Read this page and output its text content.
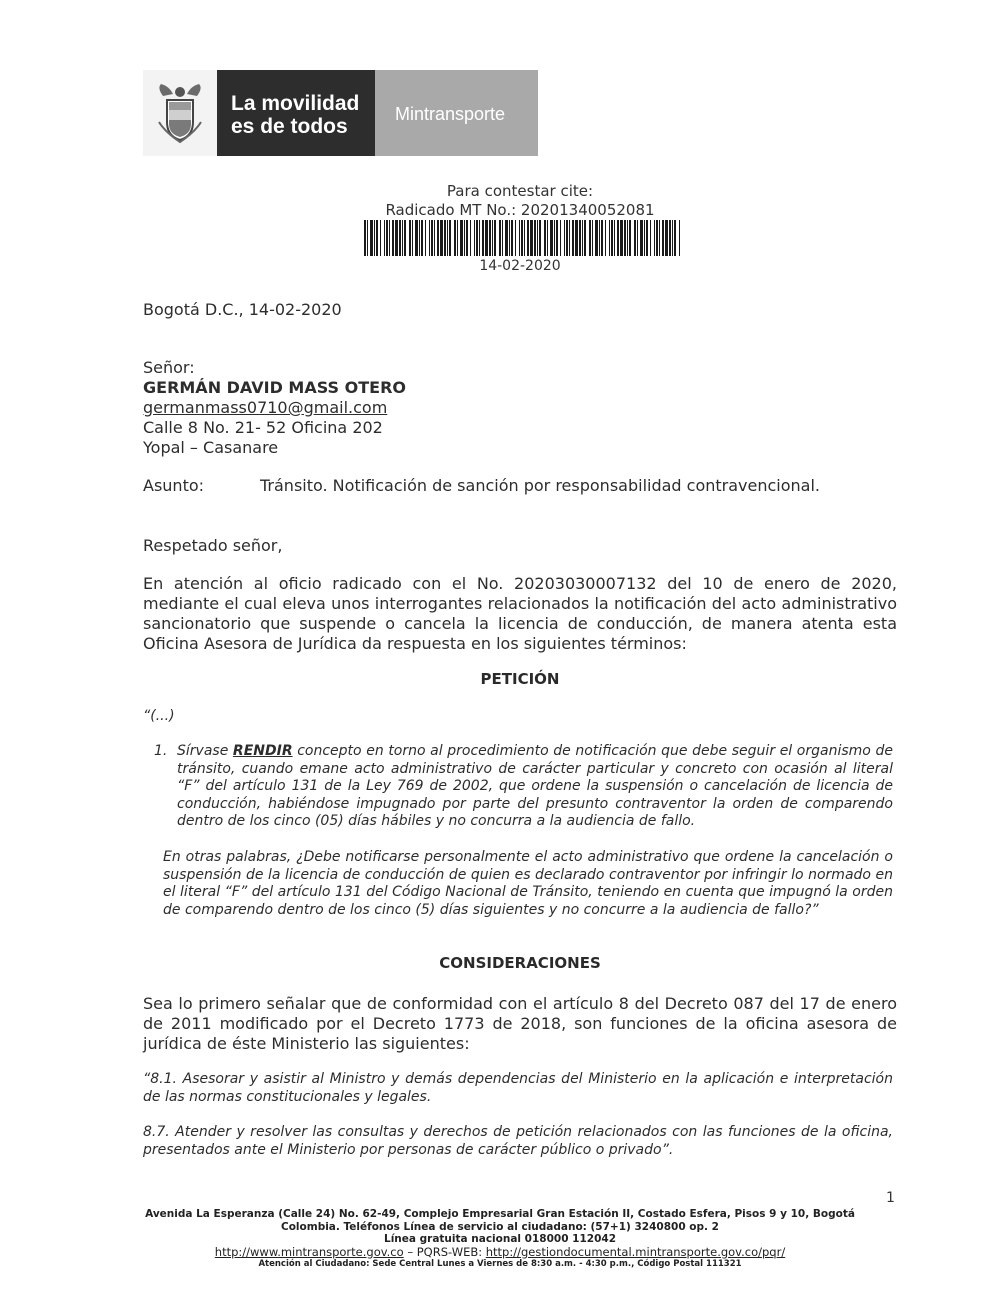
La movilidad
es de todos
Mintransporte
Para contestar cite:
Radicado MT No.: 20201340052081
14-02-2020
Bogotá D.C., 14-02-2020
Señor:
GERMÁN DAVID MASS OTERO
germanmass0710@gmail.com
Calle 8 No. 21- 52 Oficina 202
Yopal – Casanare
Asunto:	Tránsito. Notificación de sanción por responsabilidad contravencional.
Respetado señor,
En atención al oficio radicado con el No. 20203030007132 del 10 de enero de 2020, mediante el cual eleva unos interrogantes relacionados la notificación del acto administrativo sancionatorio que suspende o cancela la licencia de conducción, de manera atenta esta Oficina Asesora de Jurídica da respuesta en los siguientes términos:
PETICIÓN
“(...)
1. Sírvase RENDIR concepto en torno al procedimiento de notificación que debe seguir el organismo de tránsito, cuando emane acto administrativo de carácter particular y concreto con ocasión al literal “F” del artículo 131 de la Ley 769 de 2002, que ordene la suspensión o cancelación de licencia de conducción, habiéndose impugnado por parte del presunto contraventor la orden de comparendo dentro de los cinco (05) días hábiles y no concurra a la audiencia de fallo.
En otras palabras, ¿Debe notificarse personalmente el acto administrativo que ordene la cancelación o suspensión de la licencia de conducción de quien es declarado contraventor por infringir lo normado en el literal “F” del artículo 131 del Código Nacional de Tránsito, teniendo en cuenta que impugnó la orden de comparendo dentro de los cinco (5) días siguientes y no concurre a la audiencia de fallo?”
CONSIDERACIONES
Sea lo primero señalar que de conformidad con el artículo 8 del Decreto 087 del 17 de enero de 2011 modificado por el Decreto 1773 de 2018, son funciones de la oficina asesora de jurídica de éste Ministerio las siguientes:
“8.1. Asesorar y asistir al Ministro y demás dependencias del Ministerio en la aplicación e interpretación de las normas constitucionales y legales.
8.7. Atender y resolver las consultas y derechos de petición relacionados con las funciones de la oficina, presentados ante el Ministerio por personas de carácter público o privado”.
1
Avenida La Esperanza (Calle 24) No. 62-49, Complejo Empresarial Gran Estación II, Costado Esfera, Pisos 9 y 10, Bogotá
Colombia. Teléfonos Línea de servicio al ciudadano: (57+1) 3240800 op. 2
Línea gratuita nacional 018000 112042
http://www.mintransporte.gov.co – PQRS-WEB: http://gestiondocumental.mintransporte.gov.co/pqr/
Atención al Ciudadano: Sede Central Lunes a Viernes de 8:30 a.m. - 4:30 p.m., Código Postal 111321
